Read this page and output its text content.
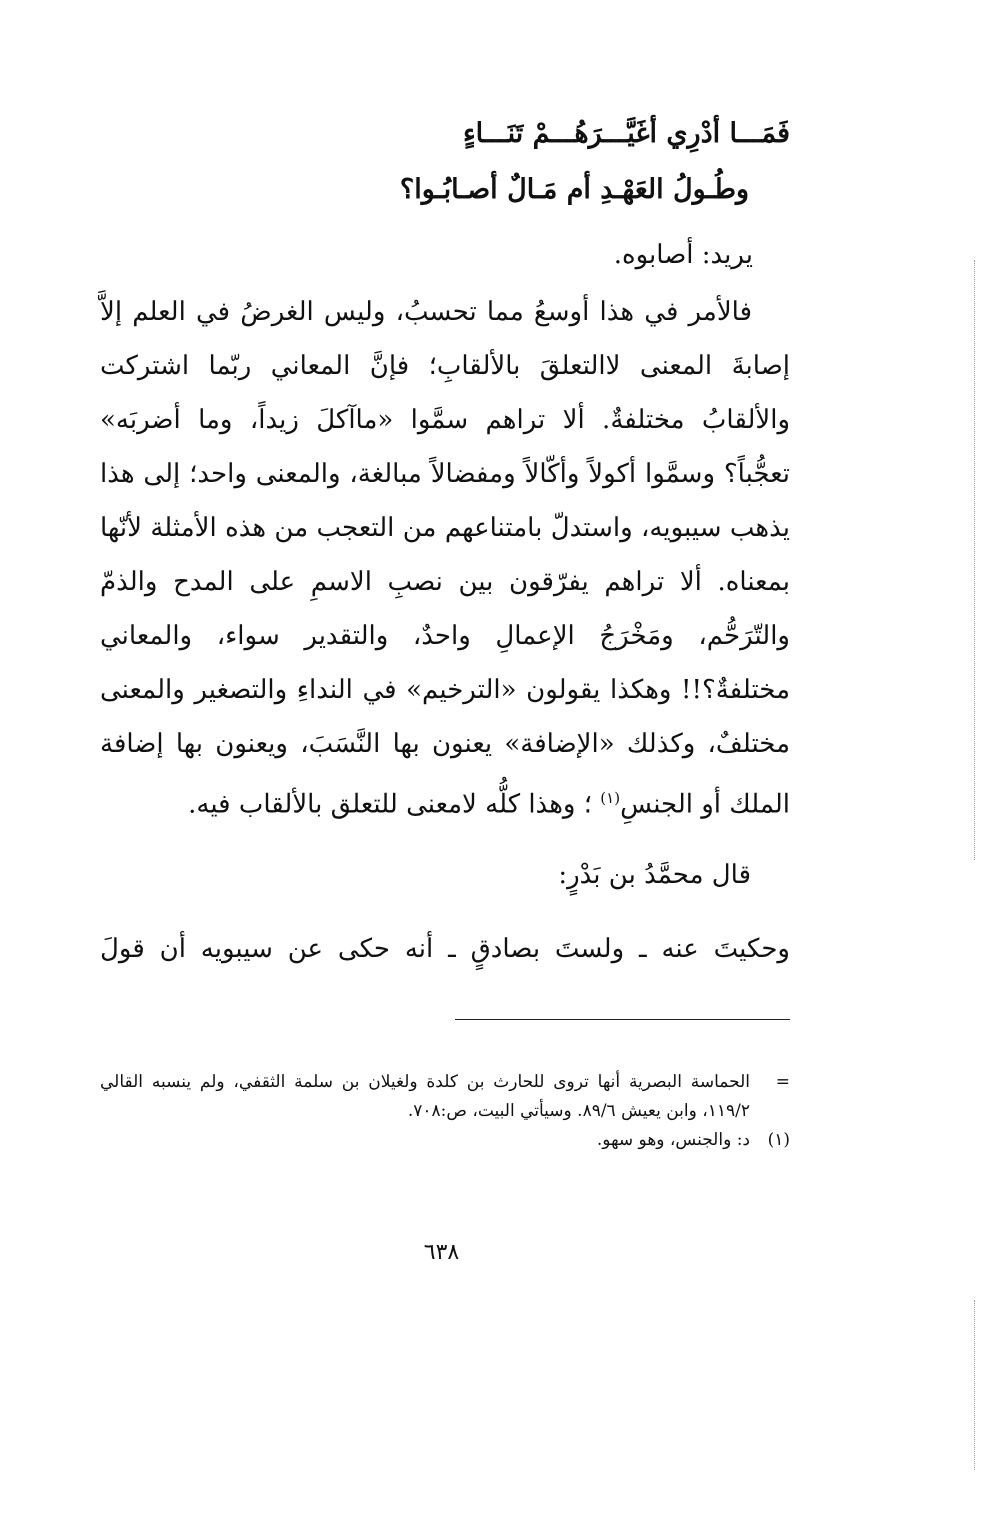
فَمَـــا أدْرِي أغَيَّـــرَهُـــمْ تَنَـــاءٍ
وطُـولُ العَهْـدِ أم مَـالٌ أصـابُـوا؟
يريد: أصابوه.
فالأمر في هذا أوسعُ مما تحسبُ، وليس الغرضُ في العلم إلاَّ إصابةَ المعنى لاالتعلقَ بالألقابِ؛ فإنَّ المعاني ربّما اشتركت والألقابُ مختلفةٌ. ألا تراهم سمَّوا «ماآكلَ زيداً، وما أضربَه» تعجُّباً؟ وسمَّوا أكولاً وأكّالاً ومفضالاً مبالغة، والمعنى واحد؛ إلى هذا يذهب سيبويه، واستدلّ بامتناعهم من التعجب من هذه الأمثلة لأنّها بمعناه. ألا تراهم يفرّقون بين نصبِ الاسمِ على المدح والذمّ والتّرَحُّم، ومَخْرَجُ الإعمالِ واحدٌ، والتقدير سواء، والمعاني مختلفةٌ؟!! وهكذا يقولون «الترخيم» في النداءِ والتصغير والمعنى مختلفٌ، وكذلك «الإضافة» يعنون بها النَّسَبَ، ويعنون بها إضافة الملك أو الجنسِ$^{(١)}$ ؛ وهذا كلُّه لامعنى للتعلق بالألقاب فيه.
قال محمَّدُ بن بَدْرٍ:
وحكيتَ عنه ـ ولستَ بصادقٍ ـ أنه حكى عن سيبويه أن قولَ
=
الحماسة البصرية أنها تروى للحارث بن كلدة ولغيلان بن سلمة الثقفي، ولم ينسبه القالي ١١٩/٢، وابن يعيش ٨٩/٦. وسيأتي البيت، ص:٧٠٨.
(١)
د: والجنس، وهو سهو.
٦٣٨
